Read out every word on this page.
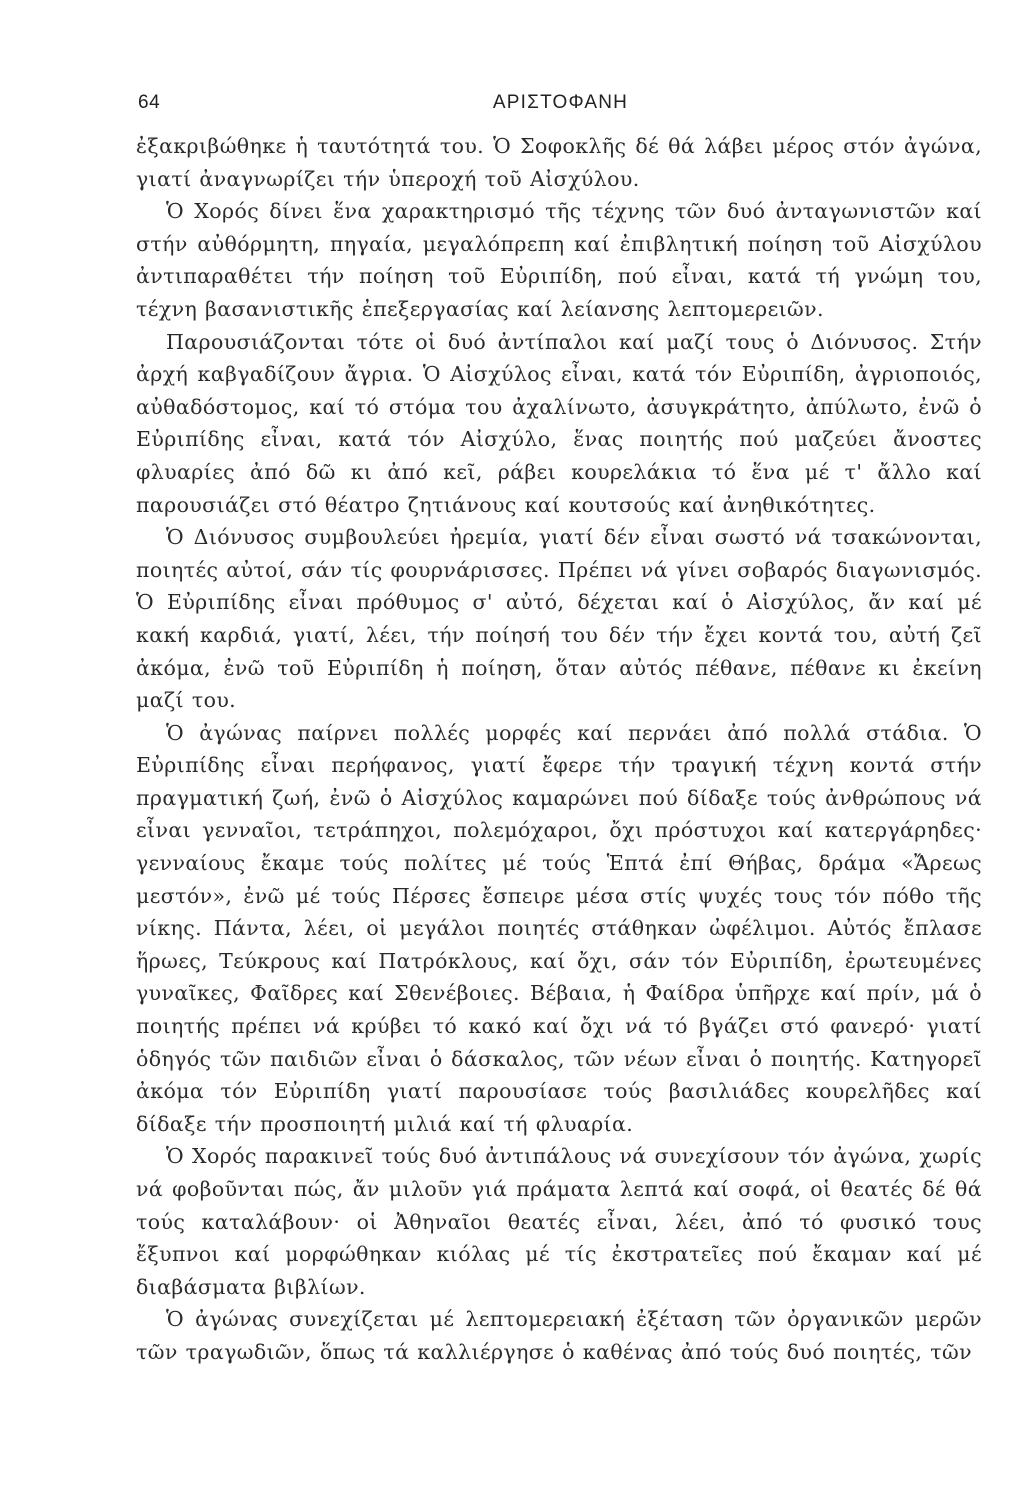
64	ΑΡΙΣΤΟΦΑΝΗ

ἐξακριβώθηκε ἡ ταυτότητά του. Ὁ Σοφοκλῆς δέ θά λάβει μέρος στόν ἀγώνα, γιατί ἀναγνωρίζει τήν ὑπεροχή τοῦ Αἰσχύλου.

Ὁ Χορός δίνει ἕνα χαρακτηρισμό τῆς τέχνης τῶν δυό ἀνταγωνιστῶν καί στήν αὐθόρμητη, πηγαία, μεγαλόπρεπη καί ἐπιβλητική ποίηση τοῦ Αἰσχύλου ἀντιπαραθέτει τήν ποίηση τοῦ Εὐριπίδη, πού εἶναι, κατά τή γνώμη του, τέχνη βασανιστικῆς ἐπεξεργασίας καί λείανσης λεπτομερειῶν.

Παρουσιάζονται τότε οἱ δυό ἀντίπαλοι καί μαζί τους ὁ Διόνυσος. Στήν ἀρχή καβγαδίζουν ἄγρια. Ὁ Αἰσχύλος εἶναι, κατά τόν Εὐριπίδη, ἀγριοποιός, αὐθαδόστομος, καί τό στόμα του ἀχαλίνωτο, ἀσυγκράτητο, ἀπύλωτο, ἐνῶ ὁ Εὐριπίδης εἶναι, κατά τόν Αἰσχύλο, ἕνας ποιητής πού μαζεύει ἄνοστες φλυαρίες ἀπό δῶ κι ἀπό κεῖ, ράβει κουρελάκια τό ἕνα μέ τ' ἄλλο καί παρουσιάζει στό θέατρο ζητιάνους καί κουτσούς καί ἀνηθικότητες.

Ὁ Διόνυσος συμβουλεύει ἠρεμία, γιατί δέν εἶναι σωστό νά τσακώνονται, ποιητές αὐτοί, σάν τίς φουρνάρισσες. Πρέπει νά γίνει σοβαρός διαγωνισμός. Ὁ Εὐριπίδης εἶναι πρόθυμος σ' αὐτό, δέχεται καί ὁ Αἰσχύλος, ἄν καί μέ κακή καρδιά, γιατί, λέει, τήν ποίησή του δέν τήν ἔχει κοντά του, αὐτή ζεῖ ἀκόμα, ἐνῶ τοῦ Εὐριπίδη ἡ ποίηση, ὅταν αὐτός πέθανε, πέθανε κι ἐκείνη μαζί του.

Ὁ ἀγώνας παίρνει πολλές μορφές καί περνάει ἀπό πολλά στάδια. Ὁ Εὐριπίδης εἶναι περήφανος, γιατί ἔφερε τήν τραγική τέχνη κοντά στήν πραγματική ζωή, ἐνῶ ὁ Αἰσχύλος καμαρώνει πού δίδαξε τούς ἀνθρώπους νά εἶναι γενναῖοι, τετράπηχοι, πολεμόχαροι, ὄχι πρόστυχοι καί κατεργάρηδες· γενναίους ἔκαμε τούς πολίτες μέ τούς Ἑπτά ἐπί Θήβας, δράμα «Ἄρεως μεστόν», ἐνῶ μέ τούς Πέρσες ἔσπειρε μέσα στίς ψυχές τους τόν πόθο τῆς νίκης. Πάντα, λέει, οἱ μεγάλοι ποιητές στάθηκαν ὠφέλιμοι. Αὐτός ἔπλασε ἥρωες, Τεύκρους καί Πατρόκλους, καί ὄχι, σάν τόν Εὐριπίδη, ἐρωτευμένες γυναῖκες, Φαῖδρες καί Σθενέβοιες. Βέβαια, ἡ Φαίδρα ὑπῆρχε καί πρίν, μά ὁ ποιητής πρέπει νά κρύβει τό κακό καί ὄχι νά τό βγάζει στό φανερό· γιατί ὁδηγός τῶν παιδιῶν εἶναι ὁ δάσκαλος, τῶν νέων εἶναι ὁ ποιητής. Κατηγορεῖ ἀκόμα τόν Εὐριπίδη γιατί παρουσίασε τούς βασιλιάδες κουρελῆδες καί δίδαξε τήν προσποιητή μιλιά καί τή φλυαρία.

Ὁ Χορός παρακινεῖ τούς δυό ἀντιπάλους νά συνεχίσουν τόν ἀγώνα, χωρίς νά φοβοῦνται πώς, ἄν μιλοῦν γιά πράματα λεπτά καί σοφά, οἱ θεατές δέ θά τούς καταλάβουν· οἱ Ἀθηναῖοι θεατές εἶναι, λέει, ἀπό τό φυσικό τους ἔξυπνοι καί μορφώθηκαν κιόλας μέ τίς ἐκστρατεῖες πού ἔκαμαν καί μέ διαβάσματα βιβλίων.

Ὁ ἀγώνας συνεχίζεται μέ λεπτομερειακή ἐξέταση τῶν ὀργανικῶν μερῶν τῶν τραγωδιῶν, ὅπως τά καλλιέργησε ὁ καθένας ἀπό τούς δυό ποιητές, τῶν
